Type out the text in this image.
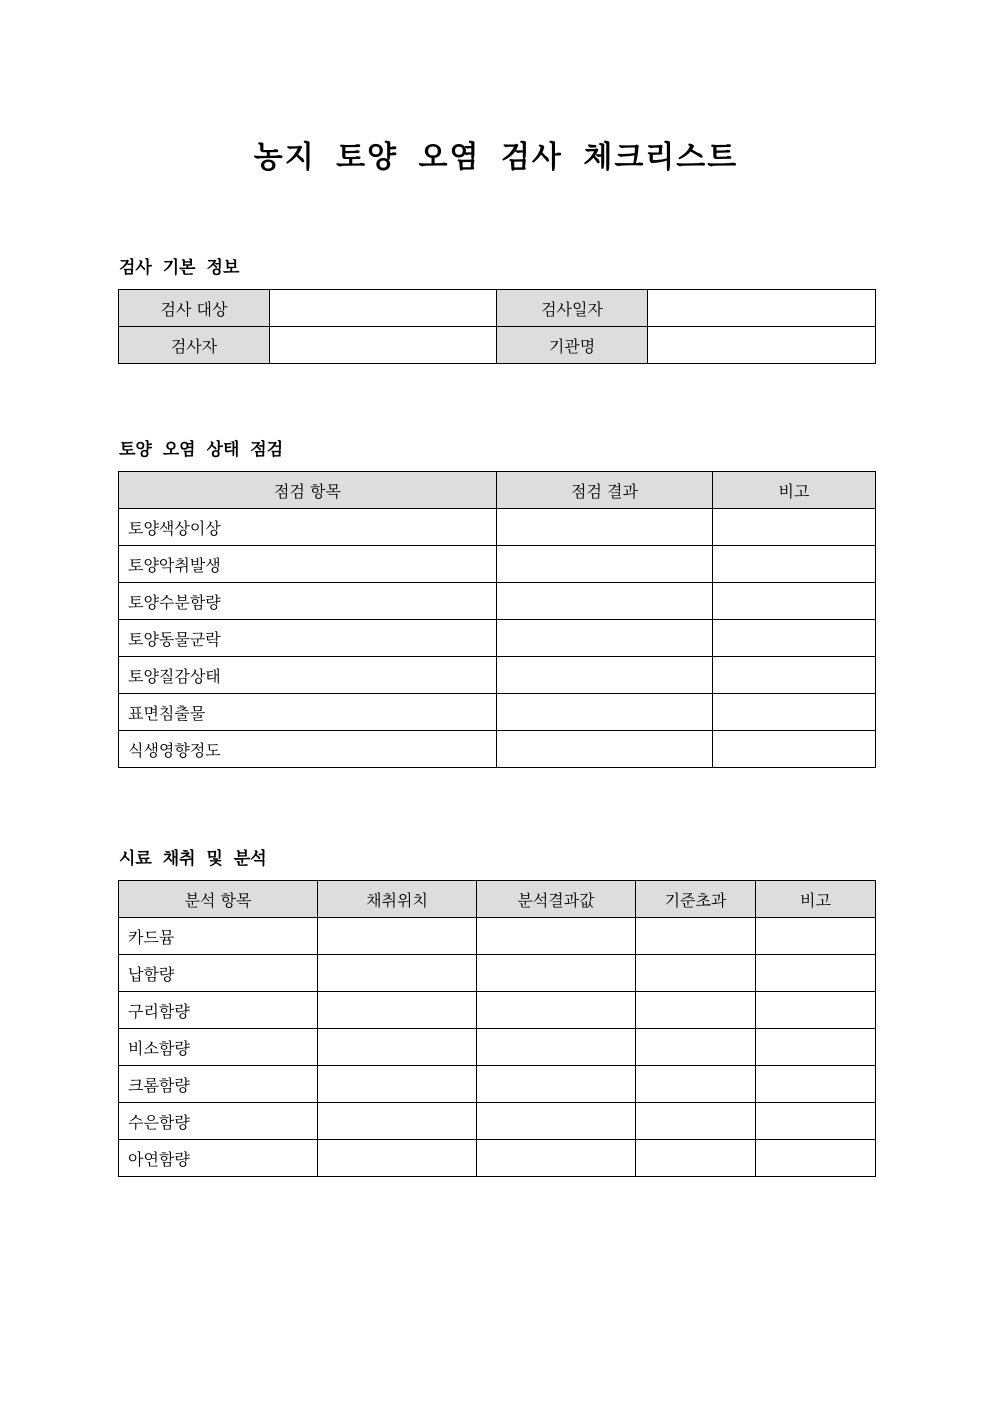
농지 토양 오염 검사 체크리스트
검사 기본 정보
검사 대상		검사일자	
검사자		기관명	
토양 오염 상태 점검
점검 항목	점검 결과	비고
토양색상이상		
토양악취발생		
토양수분함량		
토양동물군락		
토양질감상태		
표면침출물		
식생영향정도		
시료 채취 및 분석
분석 항목	채취위치	분석결과값	기준초과	비고
카드뮴				
납함량				
구리함량				
비소함량				
크롬함량				
수은함량				
아연함량				
